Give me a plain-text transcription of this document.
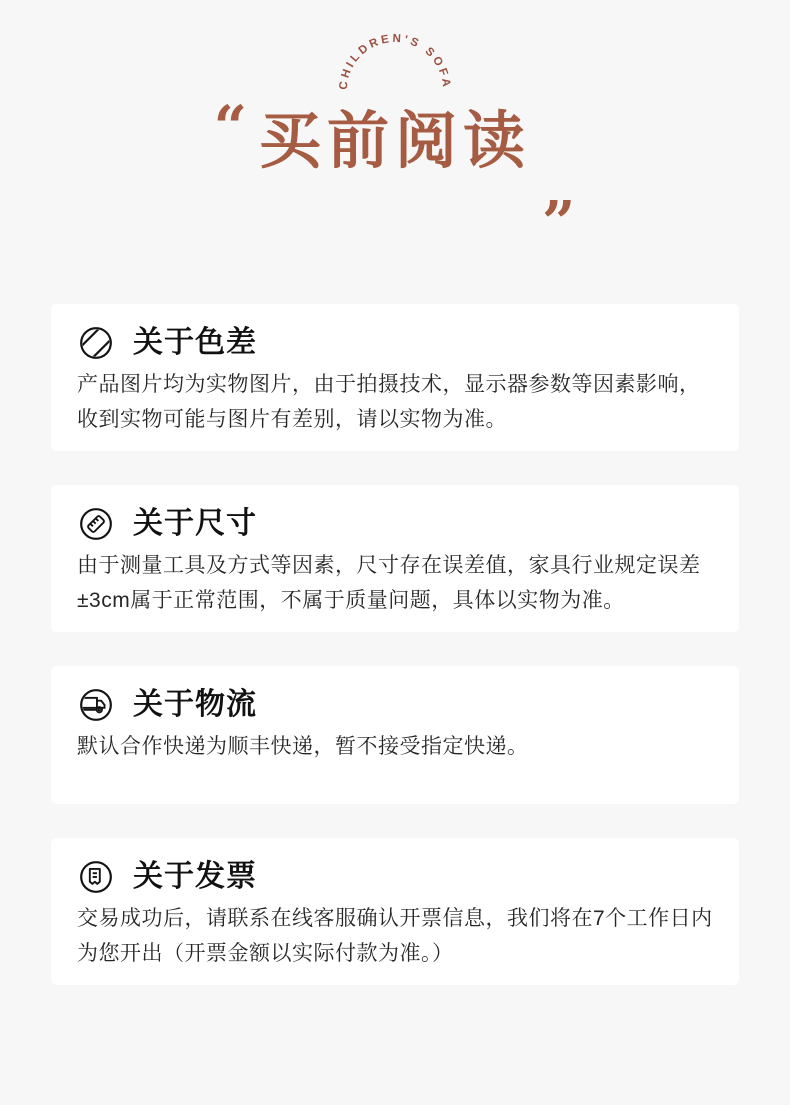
CHILDREN'S SOFA
“ 买前阅读
„
关于色差

产品图片均为实物图片，由于拍摄技术，显示器参数等因素影响，收到实物可能与图片有差别，请以实物为准。

关于尺寸

由于测量工具及方式等因素，尺寸存在误差值，家具行业规定误差±3cm属于正常范围，不属于质量问题，具体以实物为准。

关于物流

默认合作快递为顺丰快递，暂不接受指定快递。

关于发票

交易成功后，请联系在线客服确认开票信息，我们将在7个工作日内为您开出（开票金额以实际付款为准。）
